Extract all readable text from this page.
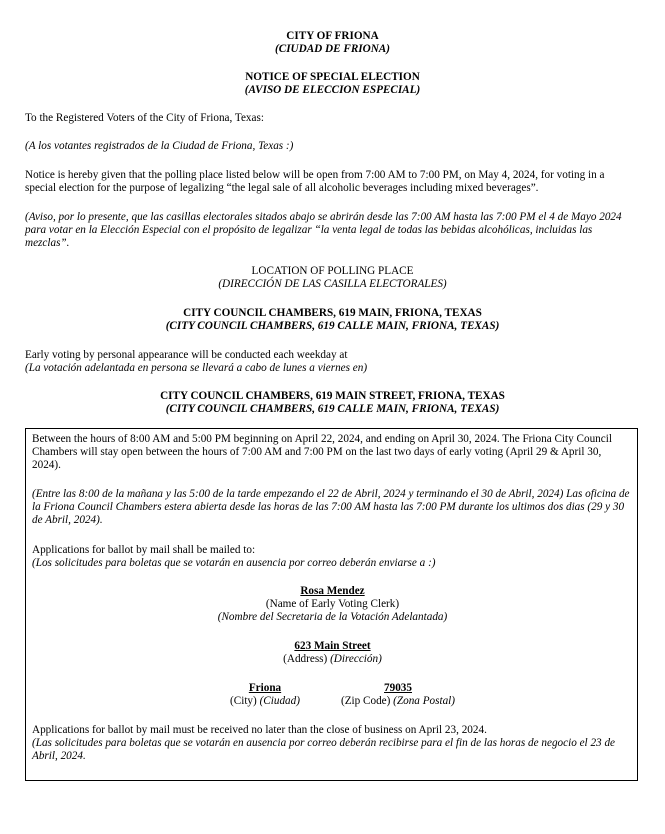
CITY OF FRIONA

(CIUDAD DE FRIONA)

NOTICE OF SPECIAL ELECTION

(AVISO DE ELECCION ESPECIAL)

To the Registered Voters of the City of Friona, Texas:

(A los votantes registrados de la Ciudad de Friona, Texas :)

Notice is hereby given that the polling place listed below will be open from 7:00 AM to 7:00 PM, on May 4, 2024, for voting in a special election for the purpose of legalizing “the legal sale of all alcoholic beverages including mixed beverages”.

(Aviso, por lo presente, que las casillas electorales sitados abajo se abrirán desde las 7:00 AM hasta las 7:00 PM el 4 de Mayo 2024 para votar en la Elección Especial con el propósito de legalizar “la venta legal de todas las bebidas alcohólicas, incluidas las mezclas”.

LOCATION OF POLLING PLACE

(DIRECCIÓN DE LAS CASILLA ELECTORALES)

CITY COUNCIL CHAMBERS, 619 MAIN, FRIONA, TEXAS

(CITY COUNCIL CHAMBERS, 619 CALLE MAIN, FRIONA, TEXAS)

Early voting by personal appearance will be conducted each weekday at

(La votación adelantada en persona se llevará a cabo de lunes a viernes en)

CITY COUNCIL CHAMBERS, 619 MAIN STREET, FRIONA, TEXAS

(CITY COUNCIL CHAMBERS, 619 CALLE MAIN, FRIONA, TEXAS)

Between the hours of 8:00 AM and 5:00 PM beginning on April 22, 2024, and ending on April 30, 2024. The Friona City Council Chambers will stay open between the hours of 7:00 AM and 7:00 PM on the last two days of early voting (April 29 & April 30, 2024).

(Entre las 8:00 de la mañana y las 5:00 de la tarde empezando el 22 de Abril, 2024 y terminando el 30 de Abril, 2024) Las oficina de la Friona Council Chambers estera abierta desde las horas de las 7:00 AM hasta las 7:00 PM durante los ultimos dos dias (29 y 30 de Abril, 2024).

Applications for ballot by mail shall be mailed to:

(Los solicitudes para boletas que se votarán en ausencia por correo deberán enviarse a :)

Rosa Mendez

(Name of Early Voting Clerk)

(Nombre del Secretaria de la Votación Adelantada)

623 Main Street

(Address) (Dirección)

Friona

(City) (Ciudad)

79035

(Zip Code) (Zona Postal)

Applications for ballot by mail must be received no later than the close of business on April 23, 2024.

(Las solicitudes para boletas que se votarán en ausencia por correo deberán recibirse para el fin de las horas de negocio el 23 de Abril, 2024.
